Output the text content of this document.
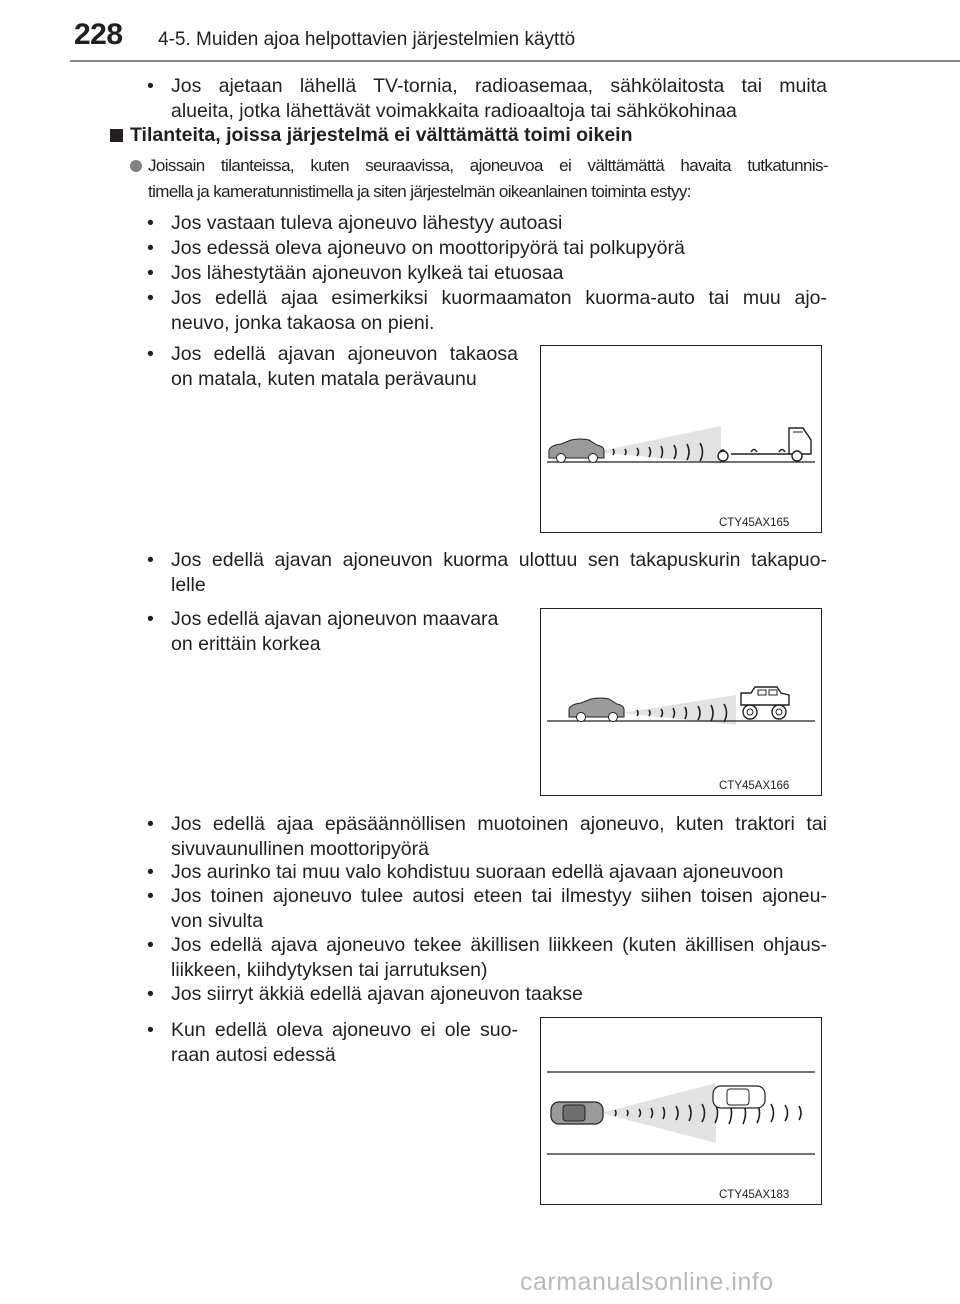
228 4-5. Muiden ajoa helpottavien järjestelmien käyttö
• Jos ajetaan lähellä TV-tornia, radioasemaa, sähkölaitosta tai muita
alueita, jotka lähettävät voimakkaita radioaaltoja tai sähkökohinaa
Tilanteita, joissa järjestelmä ei välttämättä toimi oikein
Joissain tilanteissa, kuten seuraavissa, ajoneuvoa ei välttämättä havaita tutkatunnis-
timella ja kameratunnistimella ja siten järjestelmän oikeanlainen toiminta estyy:
• Jos vastaan tuleva ajoneuvo lähestyy autoasi
• Jos edessä oleva ajoneuvo on moottoripyörä tai polkupyörä
• Jos lähestytään ajoneuvon kylkeä tai etuosaa
• Jos edellä ajaa esimerkiksi kuormaamaton kuorma-auto tai muu ajo-
neuvo, jonka takaosa on pieni.
• Jos edellä ajavan ajoneuvon takaosa
on matala, kuten matala perävaunu
CTY45AX165
• Jos edellä ajavan ajoneuvon kuorma ulottuu sen takapuskurin takapuo-
lelle
• Jos edellä ajavan ajoneuvon maavara
on erittäin korkea
CTY45AX166
• Jos edellä ajaa epäsäännöllisen muotoinen ajoneuvo, kuten traktori tai
sivuvaunullinen moottoripyörä
• Jos aurinko tai muu valo kohdistuu suoraan edellä ajavaan ajoneuvoon
• Jos toinen ajoneuvo tulee autosi eteen tai ilmestyy siihen toisen ajoneu-
von sivulta
• Jos edellä ajava ajoneuvo tekee äkillisen liikkeen (kuten äkillisen ohjaus-
liikkeen, kiihdytyksen tai jarrutuksen)
• Jos siirryt äkkiä edellä ajavan ajoneuvon taakse
• Kun edellä oleva ajoneuvo ei ole suo-
raan autosi edessä
CTY45AX183
carmanualsonline.info
